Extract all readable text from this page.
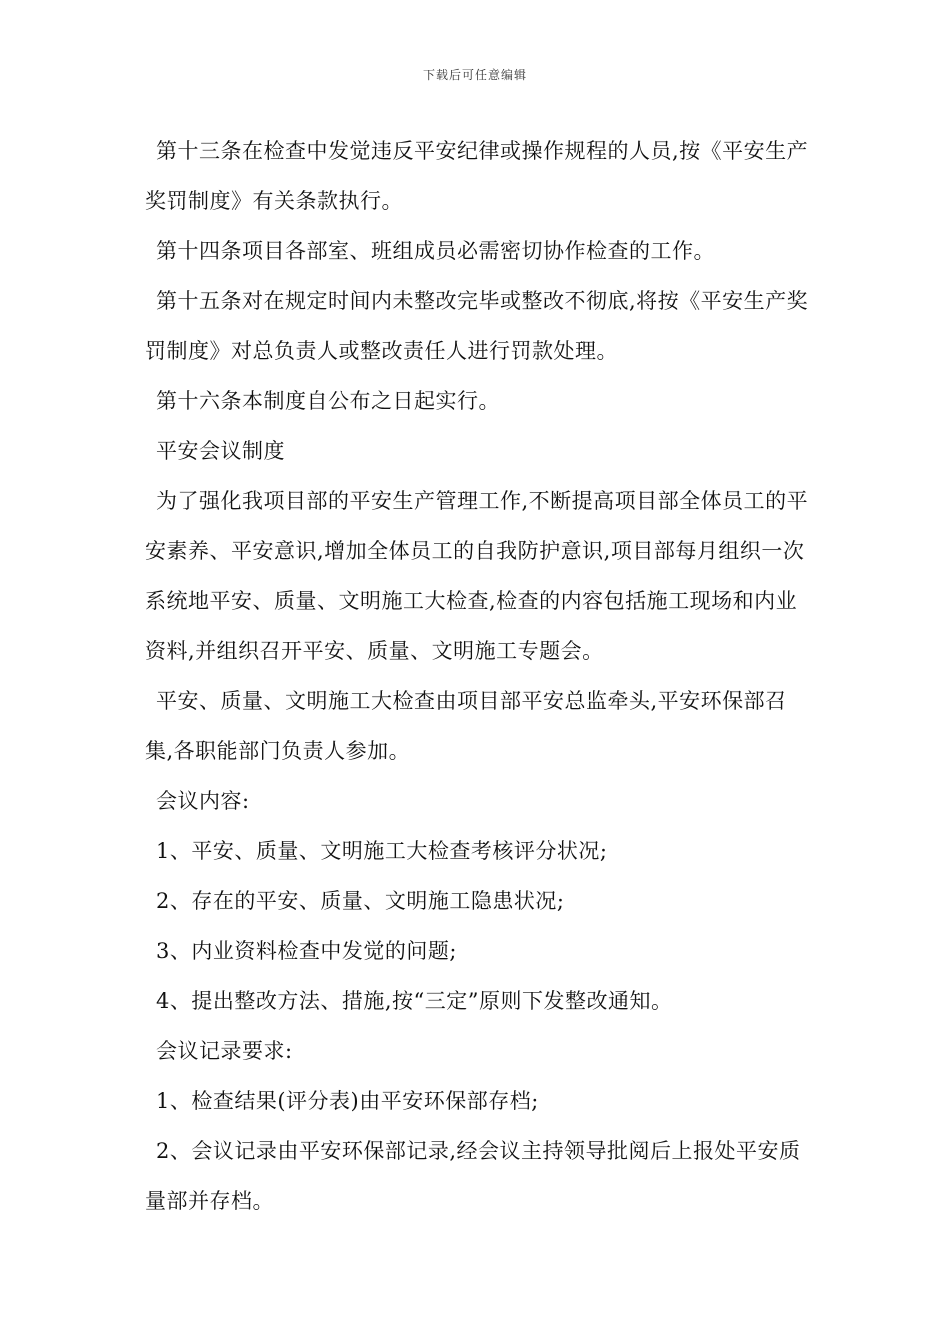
下载后可任意编辑

第十三条在检查中发觉违反平安纪律或操作规程的人员,按《平安生产奖罚制度》有关条款执行。

第十四条项目各部室、班组成员必需密切协作检查的工作。

第十五条对在规定时间内未整改完毕或整改不彻底,将按《平安生产奖罚制度》对总负责人或整改责任人进行罚款处理。

第十六条本制度自公布之日起实行。

平安会议制度

为了强化我项目部的平安生产管理工作,不断提高项目部全体员工的平安素养、平安意识,增加全体员工的自我防护意识,项目部每月组织一次系统地平安、质量、文明施工大检查,检查的内容包括施工现场和内业资料,并组织召开平安、质量、文明施工专题会。

平安、质量、文明施工大检查由项目部平安总监牵头,平安环保部召集,各职能部门负责人参加。

会议内容:

1、平安、质量、文明施工大检查考核评分状况;

2、存在的平安、质量、文明施工隐患状况;

3、内业资料检查中发觉的问题;

4、提出整改方法、措施,按“三定”原则下发整改通知。

会议记录要求:

1、检查结果(评分表)由平安环保部存档;

2、会议记录由平安环保部记录,经会议主持领导批阅后上报处平安质量部并存档。
